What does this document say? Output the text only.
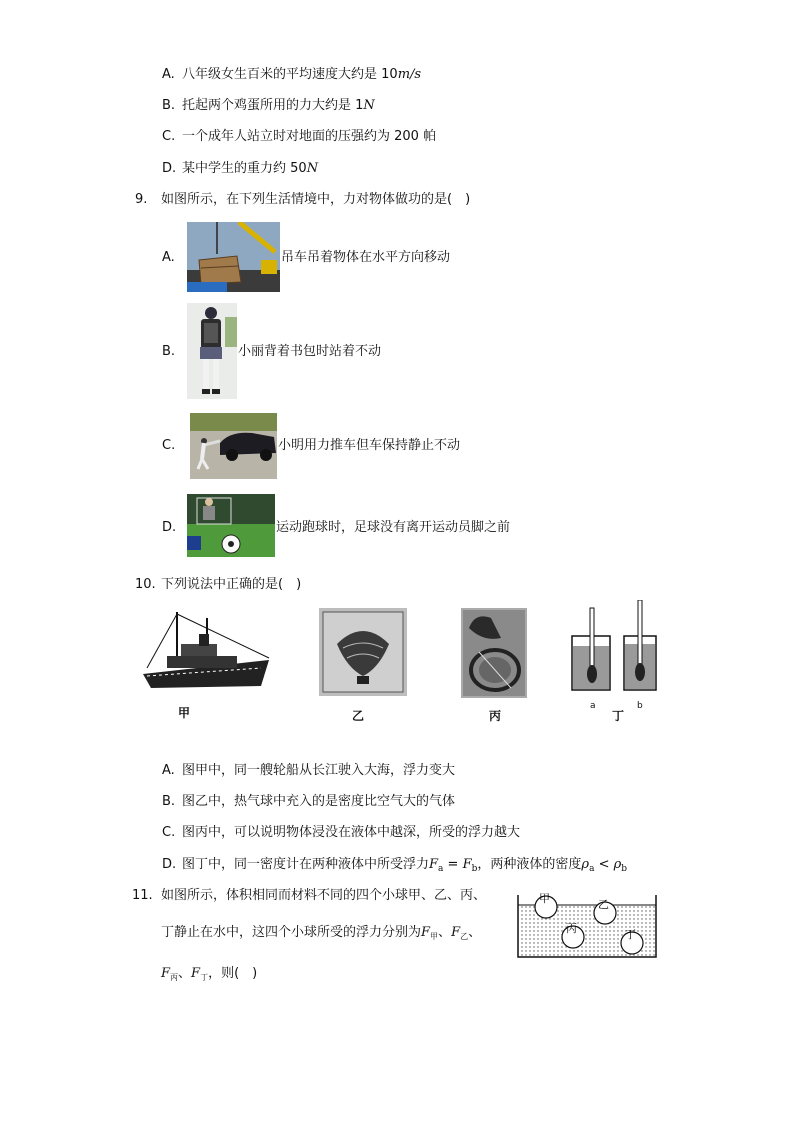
A. 八年级女生百米的平均速度大约是 10m/s
B. 托起两个鸡蛋所用的力大约是 1N
C. 一个成年人站立时对地面的压强约为 200 帕
D. 某中学生的重力约 50N
9. 如图所示，在下列生活情境中，力对物体做功的是(　)
A.	吊车吊着物体在水平方向移动
B.	小丽背着书包时站着不动
C.	小明用力推车但车保持静止不动
D.	运动跑球时，足球没有离开运动员脚之前
10. 下列说法中正确的是(　)
甲	乙	丙
a	b
丁
A. 图甲中，同一艘轮船从长江驶入大海，浮力变大
B. 图乙中，热气球中充入的是密度比空气大的气体
C. 图丙中，可以说明物体浸没在液体中越深，所受的浮力越大
D. 图丁中，同一密度计在两种液体中所受浮力$F_a = F_b$，两种液体的密度$\rho_a < \rho_b$
11. 如图所示，体积相同而材料不同的四个小球甲、乙、丙、
丁静止在水中，这四个小球所受的浮力分别为$F_甲$、$F_乙$、
$F_丙$、$F_丁$，则(　)
甲	乙
丙	丁
